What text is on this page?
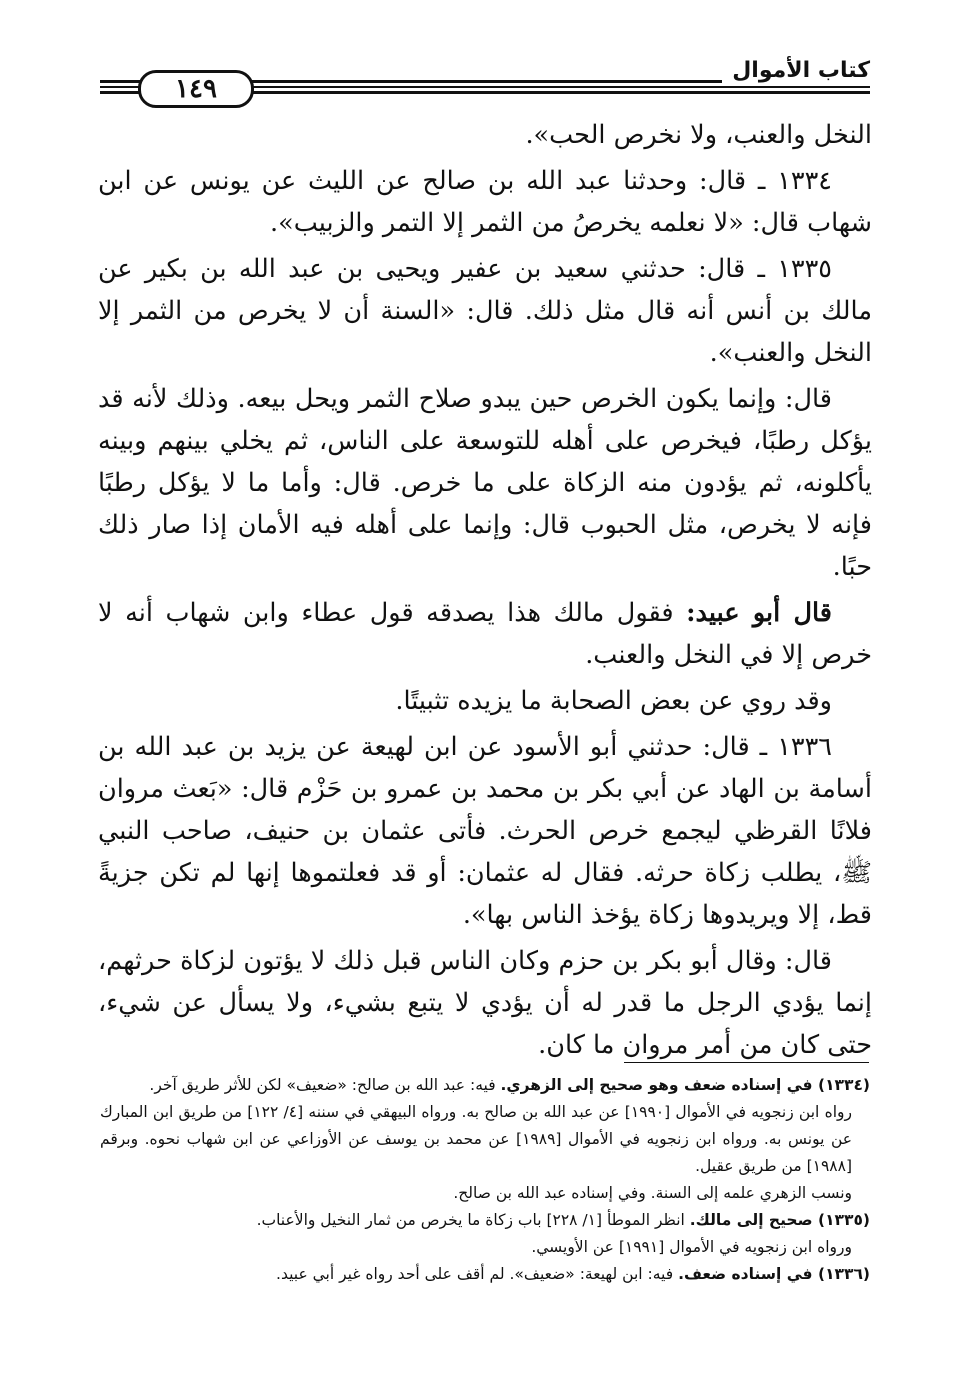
١٤٩
كتاب الأموال

النخل والعنب، ولا نخرص الحب».

١٣٣٤ ـ قال: وحدثنا عبد الله بن صالح عن الليث عن يونس عن ابن شهاب قال: «لا نعلمه يخرصُ من الثمر إلا التمر والزبيب».

١٣٣٥ ـ قال: حدثني سعيد بن عفير ويحيى بن عبد الله بن بكير عن مالك بن أنس أنه قال مثل ذلك. قال: «السنة أن لا يخرص من الثمر إلا النخل والعنب».

قال: وإنما يكون الخرص حين يبدو صلاح الثمر ويحل بيعه. وذلك لأنه قد يؤكل رطبًا، فيخرص على أهله للتوسعة على الناس، ثم يخلي بينهم وبينه يأكلونه، ثم يؤدون منه الزكاة على ما خرص. قال: وأما ما لا يؤكل رطبًا فإنه لا يخرص، مثل الحبوب قال: وإنما على أهله فيه الأمان إذا صار ذلك حبًا.

قال أبو عبيد: فقول مالك هذا يصدقه قول عطاء وابن شهاب أنه لا خرص إلا في النخل والعنب.

وقد روي عن بعض الصحابة ما يزيده تثبيتًا.

١٣٣٦ ـ قال: حدثني أبو الأسود عن ابن لهيعة عن يزيد بن عبد الله بن أسامة بن الهاد عن أبي بكر بن محمد بن عمرو بن حَزْم قال: «بَعث مروان فلانًا القرظي ليجمع خرص الحرث. فأتى عثمان بن حنيف، صاحب النبي ﷺ، يطلب زكاة حرثه. فقال له عثمان: أو قد فعلتموها إنها لم تكن جزيةً قط، إلا ويريدوها زكاة يؤخذ الناس بها».

قال: وقال أبو بكر بن حزم وكان الناس قبل ذلك لا يؤتون لزكاة حرثهم، إنما يؤدي الرجل ما قدر له أن يؤدي لا يتبع بشيء، ولا يسأل عن شيء، حتى كان من أمر مروان ما كان.

(١٣٣٤) في إسناده ضعف وهو صحيح إلى الزهري. فيه: عبد الله بن صالح: «ضعيف» لكن للأثر طريق آخر.

رواه ابن زنجويه في الأموال [١٩٩٠] عن عبد الله بن صالح به. ورواه البيهقي في سننه [٤/ ١٢٢] من طريق ابن المبارك عن يونس به. ورواه ابن زنجويه في الأموال [١٩٨٩] عن محمد بن يوسف عن الأوزاعي عن ابن شهاب نحوه. وبرقم [١٩٨٨] من طريق عقيل.

ونسب الزهري علمه إلى السنة. وفي إسناده عبد الله بن صالح.

(١٣٣٥) صحيح إلى مالك. انظر الموطأ [١/ ٢٢٨] باب زكاة ما يخرص من ثمار النخيل والأعناب.

ورواه ابن زنجويه في الأموال [١٩٩١] عن الأويسي.

(١٣٣٦) في إسناده ضعف. فيه: ابن لهيعة: «ضعيف». لم أقف على أحد رواه غير أبي عبيد.
